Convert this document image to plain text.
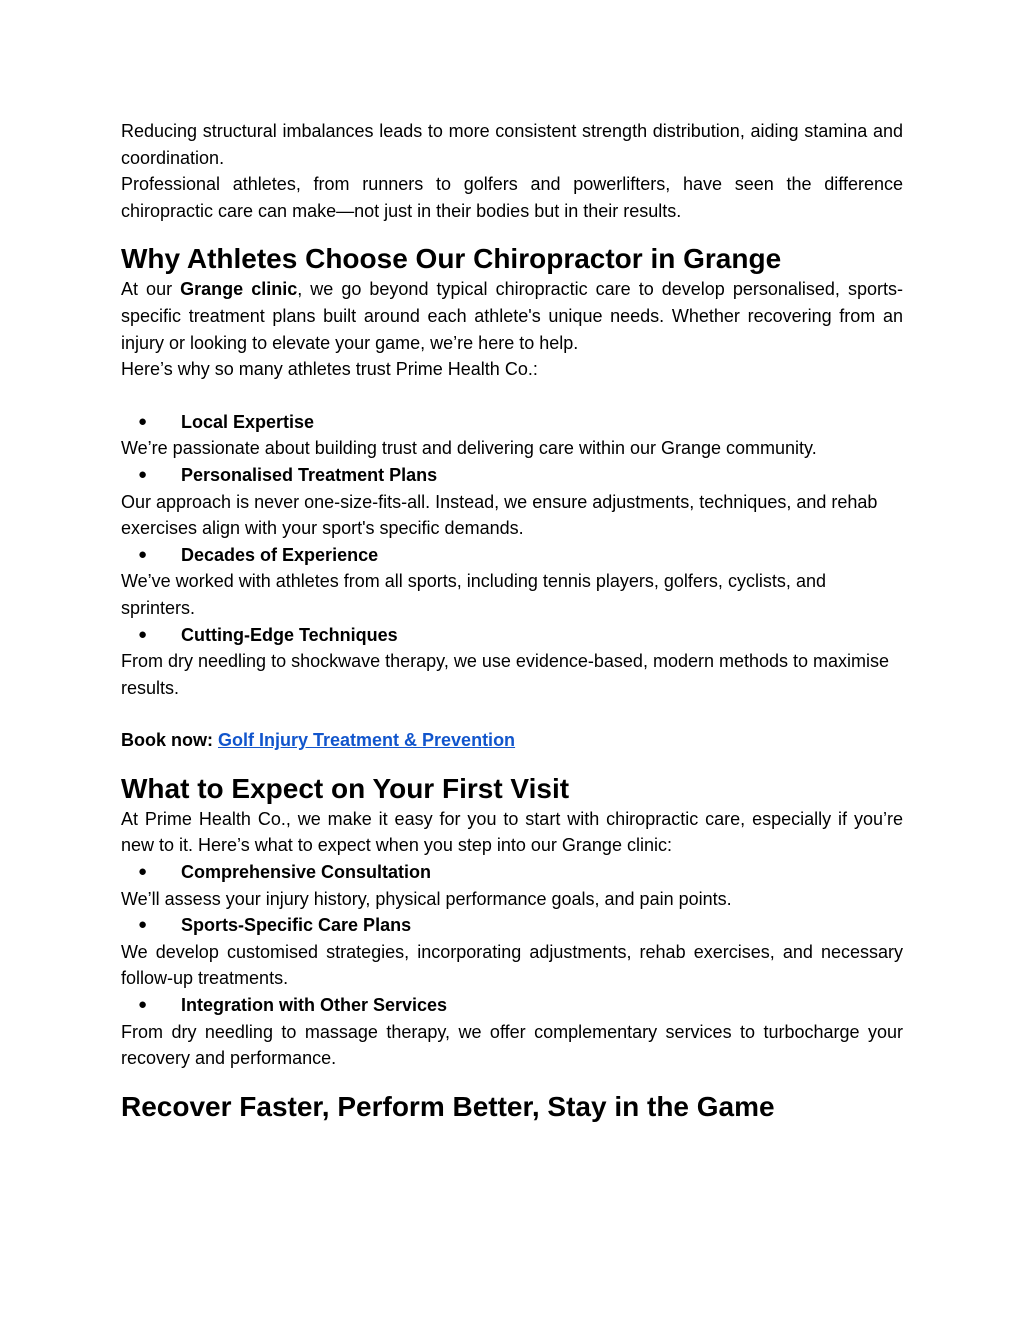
Reducing structural imbalances leads to more consistent strength distribution, aiding stamina and coordination.

Professional athletes, from runners to golfers and powerlifters, have seen the difference chiropractic care can make—not just in their bodies but in their results.

Why Athletes Choose Our Chiropractor in Grange

At our Grange clinic, we go beyond typical chiropractic care to develop personalised, sports-specific treatment plans built around each athlete's unique needs. Whether recovering from an injury or looking to elevate your game, we’re here to help.

Here’s why so many athletes trust Prime Health Co.:

● Local Expertise

We’re passionate about building trust and delivering care within our Grange community.

● Personalised Treatment Plans

Our approach is never one-size-fits-all. Instead, we ensure adjustments, techniques, and rehab exercises align with your sport's specific demands.

● Decades of Experience

We’ve worked with athletes from all sports, including tennis players, golfers, cyclists, and sprinters.

● Cutting-Edge Techniques

From dry needling to shockwave therapy, we use evidence-based, modern methods to maximise results.

Book now: Golf Injury Treatment & Prevention

What to Expect on Your First Visit

At Prime Health Co., we make it easy for you to start with chiropractic care, especially if you’re new to it. Here’s what to expect when you step into our Grange clinic:

● Comprehensive Consultation

We’ll assess your injury history, physical performance goals, and pain points.

● Sports-Specific Care Plans

We develop customised strategies, incorporating adjustments, rehab exercises, and necessary follow-up treatments.

● Integration with Other Services

From dry needling to massage therapy, we offer complementary services to turbocharge your recovery and performance.

Recover Faster, Perform Better, Stay in the Game
